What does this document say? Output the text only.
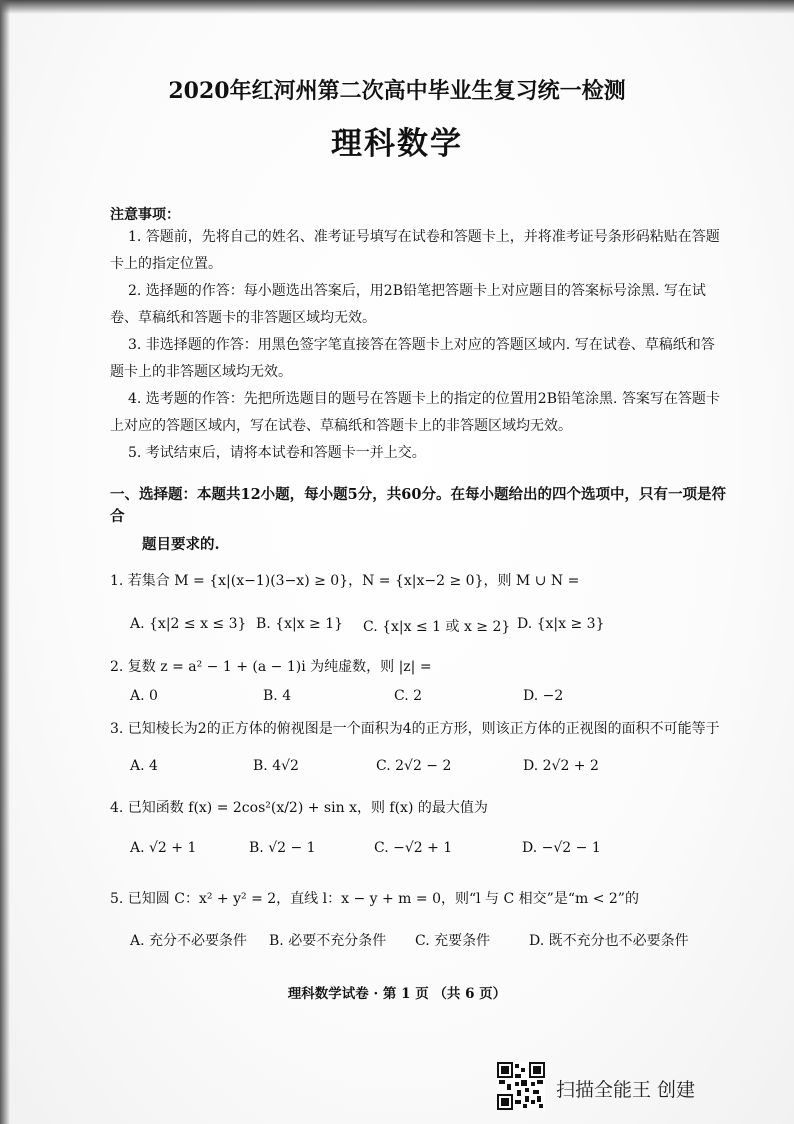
2020年红河州第二次高中毕业生复习统一检测
理科数学
注意事项：

1. 答题前，先将自己的姓名、准考证号填写在试卷和答题卡上，并将准考证号条形码粘贴在答题卡上的指定位置。

2. 选择题的作答：每小题选出答案后，用2B铅笔把答题卡上对应题目的答案标号涂黑. 写在试卷、草稿纸和答题卡的非答题区域均无效。

3. 非选择题的作答：用黑色签字笔直接答在答题卡上对应的答题区域内. 写在试卷、草稿纸和答题卡上的非答题区域均无效。

4. 选考题的作答：先把所选题目的题号在答题卡上的指定的位置用2B铅笔涂黑. 答案写在答题卡上对应的答题区域内，写在试卷、草稿纸和答题卡上的非答题区域均无效。

5. 考试结束后，请将本试卷和答题卡一并上交。

一、选择题：本题共12小题，每小题5分，共60分。在每小题给出的四个选项中，只有一项是符合
题目要求的.
1. 若集合 M = {x|(x−1)(3−x) ≥ 0}，N = {x|x−2 ≥ 0}，则 M ∪ N =
A. {x|2 ≤ x ≤ 3} B. {x|x ≥ 1} C. {x|x ≤ 1 或 x ≥ 2} D. {x|x ≥ 3}
2. 复数 z = a² − 1 + (a − 1)i 为纯虚数，则 |z| =
A. 0	B. 4	C. 2	D. −2
3. 已知棱长为2的正方体的俯视图是一个面积为4的正方形，则该正方体的正视图的面积不可能等于
A. 4	B. 4√2	C. 2√2 − 2	D. 2√2 + 2
4. 已知函数 f(x) = 2cos²(x/2) + sin x，则 f(x) 的最大值为
A. √2 + 1	B. √2 − 1	C. −√2 + 1	D. −√2 − 1
5. 已知圆 C：x² + y² = 2，直线 l：x − y + m = 0，则“l 与 C 相交”是“m < 2”的
A. 充分不必要条件 B. 必要不充分条件 C. 充要条件	D. 既不充分也不必要条件
理科数学试卷 · 第 1 页 （共 6 页）
扫描全能王 创建
